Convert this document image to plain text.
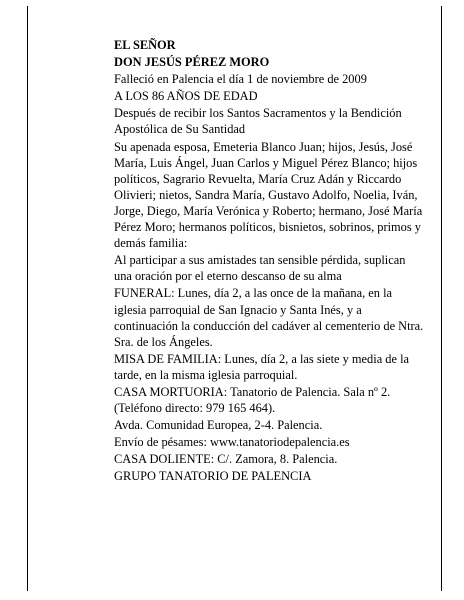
EL SEÑOR

DON JESÚS PÉREZ MORO

Falleció en Palencia el día 1 de noviembre de 2009

A LOS 86 AÑOS DE EDAD

Después de recibir los Santos Sacramentos y la Bendición Apostólica de Su Santidad

Su apenada esposa, Emeteria Blanco Juan; hijos, Jesús, José María, Luis Ángel, Juan Carlos y Miguel Pérez Blanco; hijos políticos, Sagrario Revuelta, María Cruz Adán y Riccardo Olivieri; nietos, Sandra María, Gustavo Adolfo, Noelia, Iván, Jorge, Diego, María Verónica y Roberto; hermano, José María Pérez Moro; hermanos políticos, bisnietos, sobrinos, primos y demás familia:

Al participar a sus amistades tan sensible pérdida, suplican una oración por el eterno descanso de su alma

FUNERAL: Lunes, día 2, a las once de la mañana, en la iglesia parroquial de San Ignacio y Santa Inés, y a continuación la conducción del cadáver al cementerio de Ntra. Sra. de los Ángeles.

MISA DE FAMILIA: Lunes, día 2, a las siete y media de la tarde, en la misma iglesia parroquial.

CASA MORTUORIA: Tanatorio de Palencia. Sala nº 2. (Teléfono directo: 979 165 464).

Avda. Comunidad Europea, 2-4. Palencia.

Envío de pésames: www.tanatoriodepalencia.es

CASA DOLIENTE: C/. Zamora, 8. Palencia.

GRUPO TANATORIO DE PALENCIA
